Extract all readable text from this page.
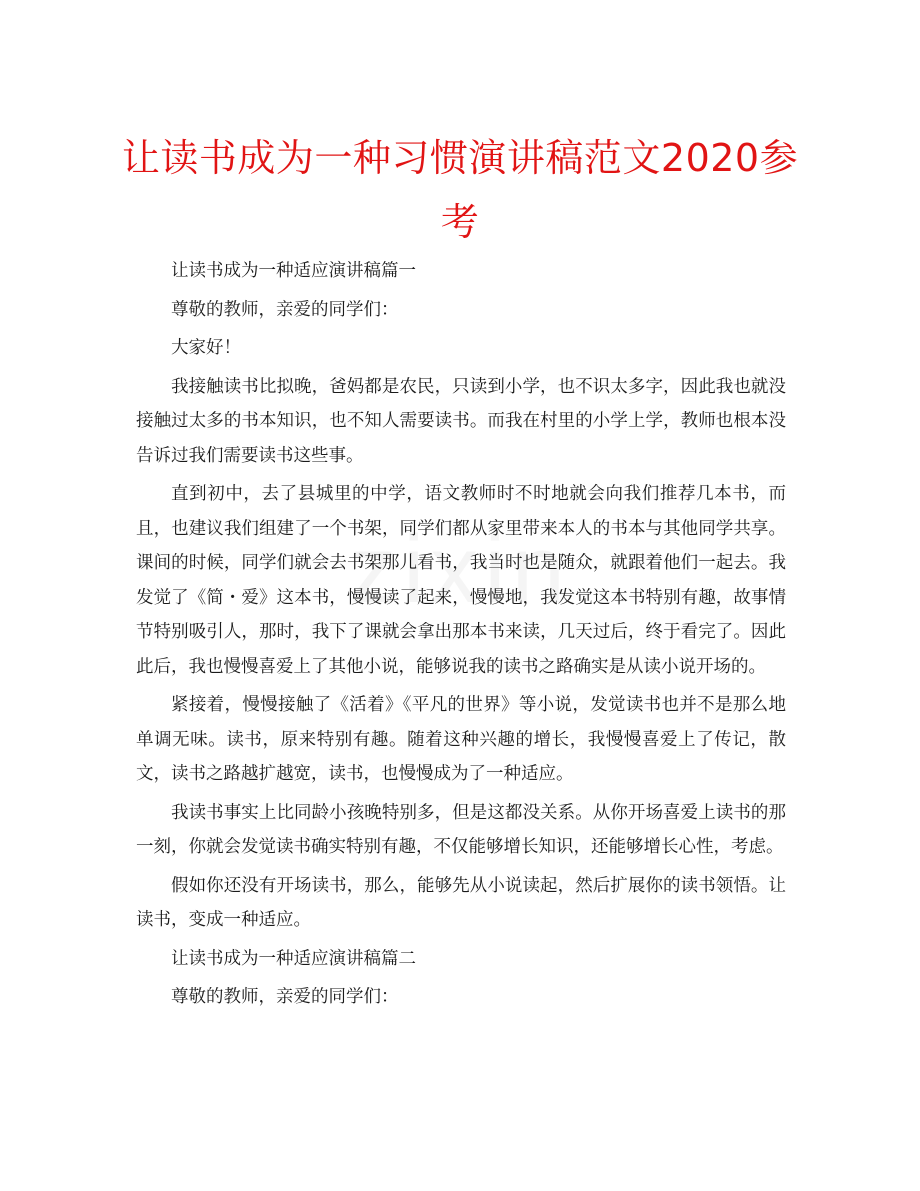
让读书成为一种习惯演讲稿范文2020参考

让读书成为一种适应演讲稿篇一

尊敬的教师，亲爱的同学们：

大家好！

我接触读书比拟晚，爸妈都是农民，只读到小学，也不识太多字，因此我也就没接触过太多的书本知识，也不知人需要读书。而我在村里的小学上学，教师也根本没告诉过我们需要读书这些事。

直到初中，去了县城里的中学，语文教师时不时地就会向我们推荐几本书，而且，也建议我们组建了一个书架，同学们都从家里带来本人的书本与其他同学共享。课间的时候，同学们就会去书架那儿看书，我当时也是随众，就跟着他们一起去。我发觉了《简・爱》这本书，慢慢读了起来，慢慢地，我发觉这本书特别有趣，故事情节特别吸引人，那时，我下了课就会拿出那本书来读，几天过后，终于看完了。因此此后，我也慢慢喜爱上了其他小说，能够说我的读书之路确实是从读小说开场的。

紧接着，慢慢接触了《活着》《平凡的世界》等小说，发觉读书也并不是那么地单调无味。读书，原来特别有趣。随着这种兴趣的增长，我慢慢喜爱上了传记，散文，读书之路越扩越宽，读书，也慢慢成为了一种适应。

我读书事实上比同龄小孩晚特别多，但是这都没关系。从你开场喜爱上读书的那一刻，你就会发觉读书确实特别有趣，不仅能够增长知识，还能够增长心性，考虑。

假如你还没有开场读书，那么，能够先从小说读起，然后扩展你的读书领悟。让读书，变成一种适应。

让读书成为一种适应演讲稿篇二

尊敬的教师，亲爱的同学们：
